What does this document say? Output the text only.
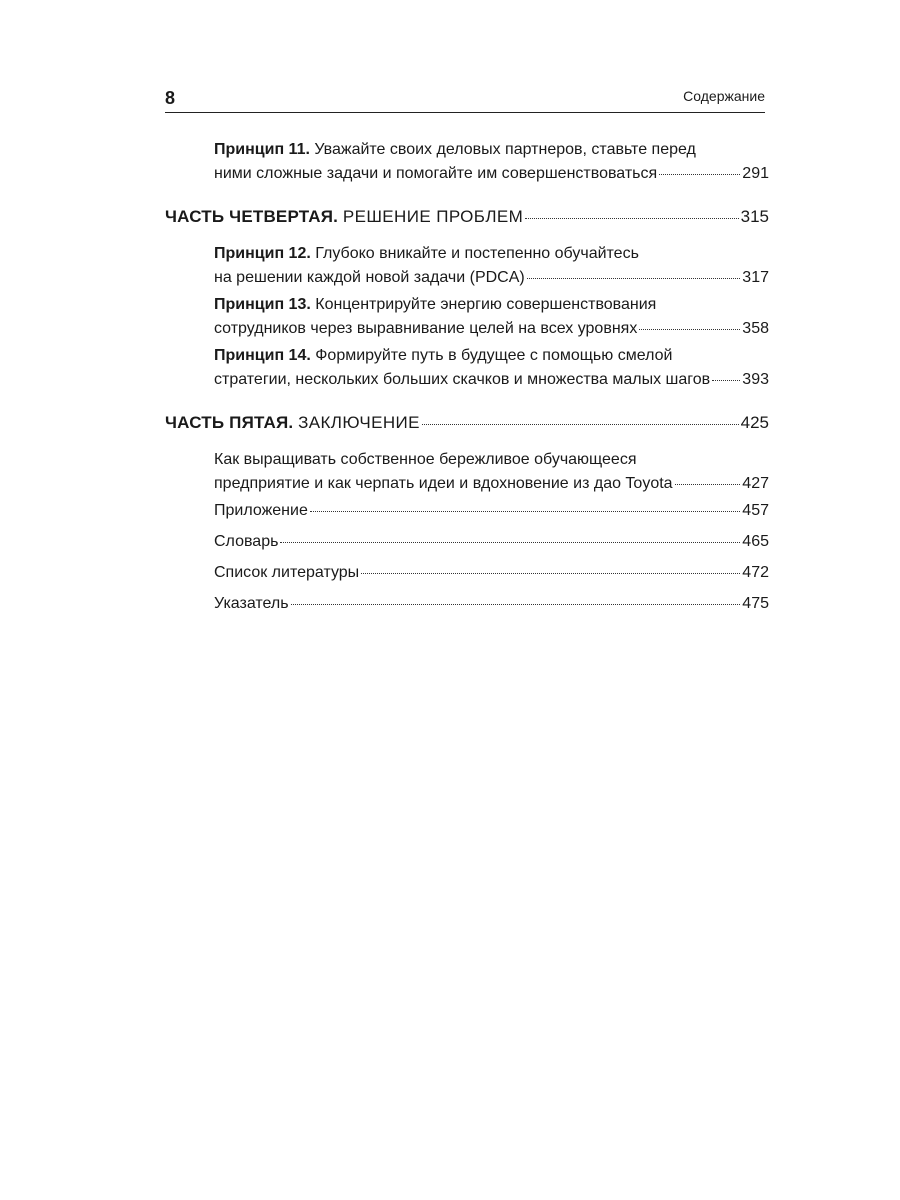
8	Содержание
Принцип 11. Уважайте своих деловых партнеров, ставьте перед
ними сложные задачи и помогайте им совершенствоваться	291
ЧАСТЬ ЧЕТВЕРТАЯ.
РЕШЕНИЕ ПРОБЛЕМ	315
Принцип 12. Глубоко вникайте и постепенно обучайтесь
на решении каждой новой задачи (PDCA)	317
Принцип 13. Концентрируйте энергию совершенствования
сотрудников через выравнивание целей на всех уровнях	358
Принцип 14. Формируйте путь в будущее с помощью смелой
стратегии, нескольких больших скачков и множества малых шагов 393
ЧАСТЬ ПЯТАЯ.
ЗАКЛЮЧЕНИЕ	425
Как выращивать собственное бережливое обучающееся
предприятие и как черпать идеи и вдохновение из дао Toyota	427
Приложение	457
Словарь	465
Список литературы	472
Указатель	475
